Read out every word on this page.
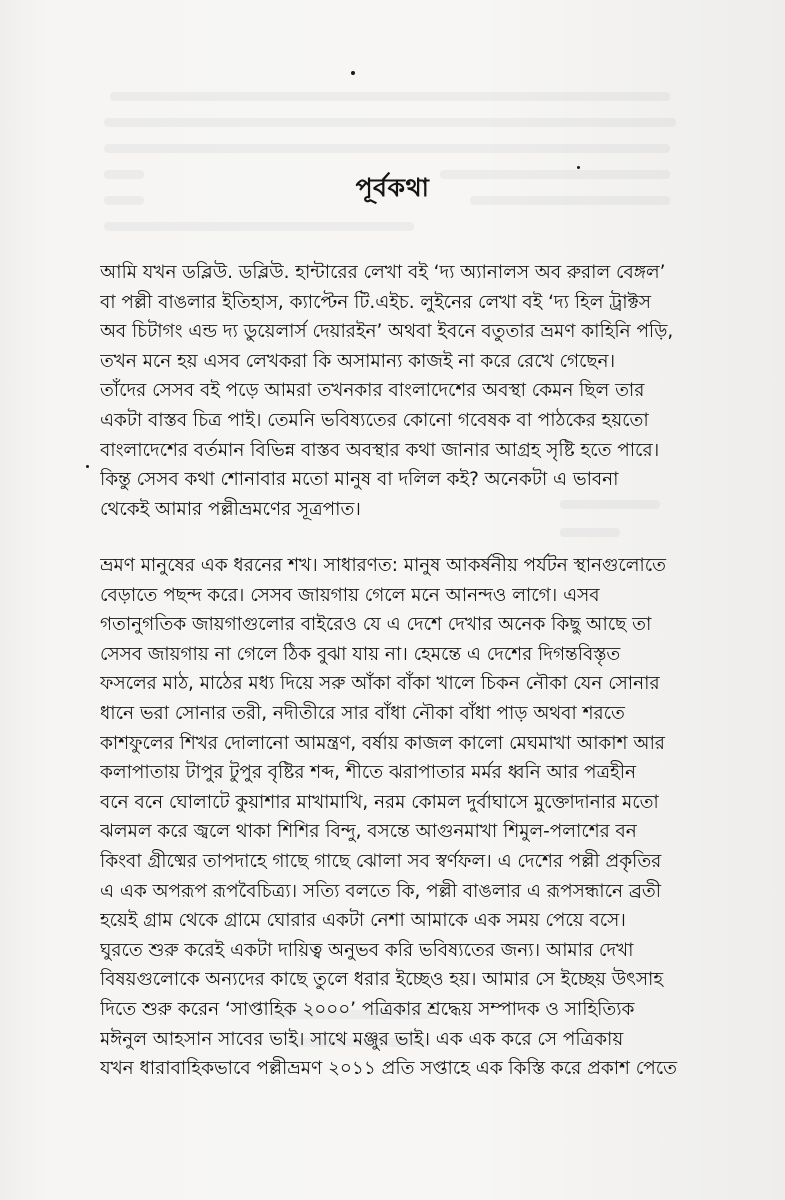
পূর্বকথা
আমি যখন ডব্লিউ. ডব্লিউ. হান্টারের লেখা বই ‘দ্য অ্যানালস অব রুরাল বেঙ্গল’
বা পল্লী বাঙলার ইতিহাস, ক্যাপ্টেন টি.এইচ. লুইনের লেখা বই ‘দ্য হিল ট্রাক্টস
অব চিটাগং এন্ড দ্য ডুয়েলার্স দেয়ারইন’ অথবা ইবনে বতুতার ভ্রমণ কাহিনি পড়ি,
তখন মনে হয় এসব লেখকরা কি অসামান্য কাজই না করে রেখে গেছেন।
তাঁদের সেসব বই পড়ে আমরা তখনকার বাংলাদেশের অবস্থা কেমন ছিল তার
একটা বাস্তব চিত্র পাই। তেমনি ভবিষ্যতের কোনো গবেষক বা পাঠকের হয়তো
বাংলাদেশের বর্তমান বিভিন্ন বাস্তব অবস্থার কথা জানার আগ্রহ সৃষ্টি হতে পারে।
কিন্তু সেসব কথা শোনাবার মতো মানুষ বা দলিল কই? অনেকটা এ ভাবনা
থেকেই আমার পল্লীভ্রমণের সূত্রপাত।
ভ্রমণ মানুষের এক ধরনের শখ। সাধারণত: মানুষ আকর্ষনীয় পর্যটন স্থানগুলোতে
বেড়াতে পছন্দ করে। সেসব জায়গায় গেলে মনে আনন্দও লাগে। এসব
গতানুগতিক জায়গাগুলোর বাইরেও যে এ দেশে দেখার অনেক কিছু আছে তা
সেসব জায়গায় না গেলে ঠিক বুঝা যায় না। হেমন্তে এ দেশের দিগন্তবিস্তৃত
ফসলের মাঠ, মাঠের মধ্য দিয়ে সরু আঁকা বাঁকা খালে চিকন নৌকা যেন সোনার
ধানে ভরা সোনার তরী, নদীতীরে সার বাঁধা নৌকা বাঁধা পাড় অথবা শরতে
কাশফুলের শিখর দোলানো আমন্ত্রণ, বর্ষায় কাজল কালো মেঘমাখা আকাশ আর
কলাপাতায় টাপুর টুপুর বৃষ্টির শব্দ, শীতে ঝরাপাতার মর্মর ধ্বনি আর পত্রহীন
বনে বনে ঘোলাটে কুয়াশার মাখামাখি, নরম কোমল দুর্বাঘাসে মুক্তোদানার মতো
ঝলমল করে জ্বলে থাকা শিশির বিন্দু, বসন্তে আগুনমাখা শিমুল-পলাশের বন
কিংবা গ্রীষ্মের তাপদাহে গাছে গাছে ঝোলা সব স্বর্ণফল। এ দেশের পল্লী প্রকৃতির
এ এক অপরূপ রূপবৈচিত্র্য। সত্যি বলতে কি, পল্লী বাঙলার এ রূপসন্ধানে ব্রতী
হয়েই গ্রাম থেকে গ্রামে ঘোরার একটা নেশা আমাকে এক সময় পেয়ে বসে।
ঘুরতে শুরু করেই একটা দায়িত্ব অনুভব করি ভবিষ্যতের জন্য। আমার দেখা
বিষয়গুলোকে অন্যদের কাছে তুলে ধরার ইচ্ছেও হয়। আমার সে ইচ্ছেয় উৎসাহ
দিতে শুরু করেন ‘সাপ্তাহিক ২০০০’ পত্রিকার শ্রদ্ধেয় সম্পাদক ও সাহিত্যিক
মঈনুল আহসান সাবের ভাই। সাথে মঞ্জুর ভাই। এক এক করে সে পত্রিকায়
যখন ধারাবাহিকভাবে পল্লীভ্রমণ ২০১১ প্রতি সপ্তাহে এক কিস্তি করে প্রকাশ পেতে
